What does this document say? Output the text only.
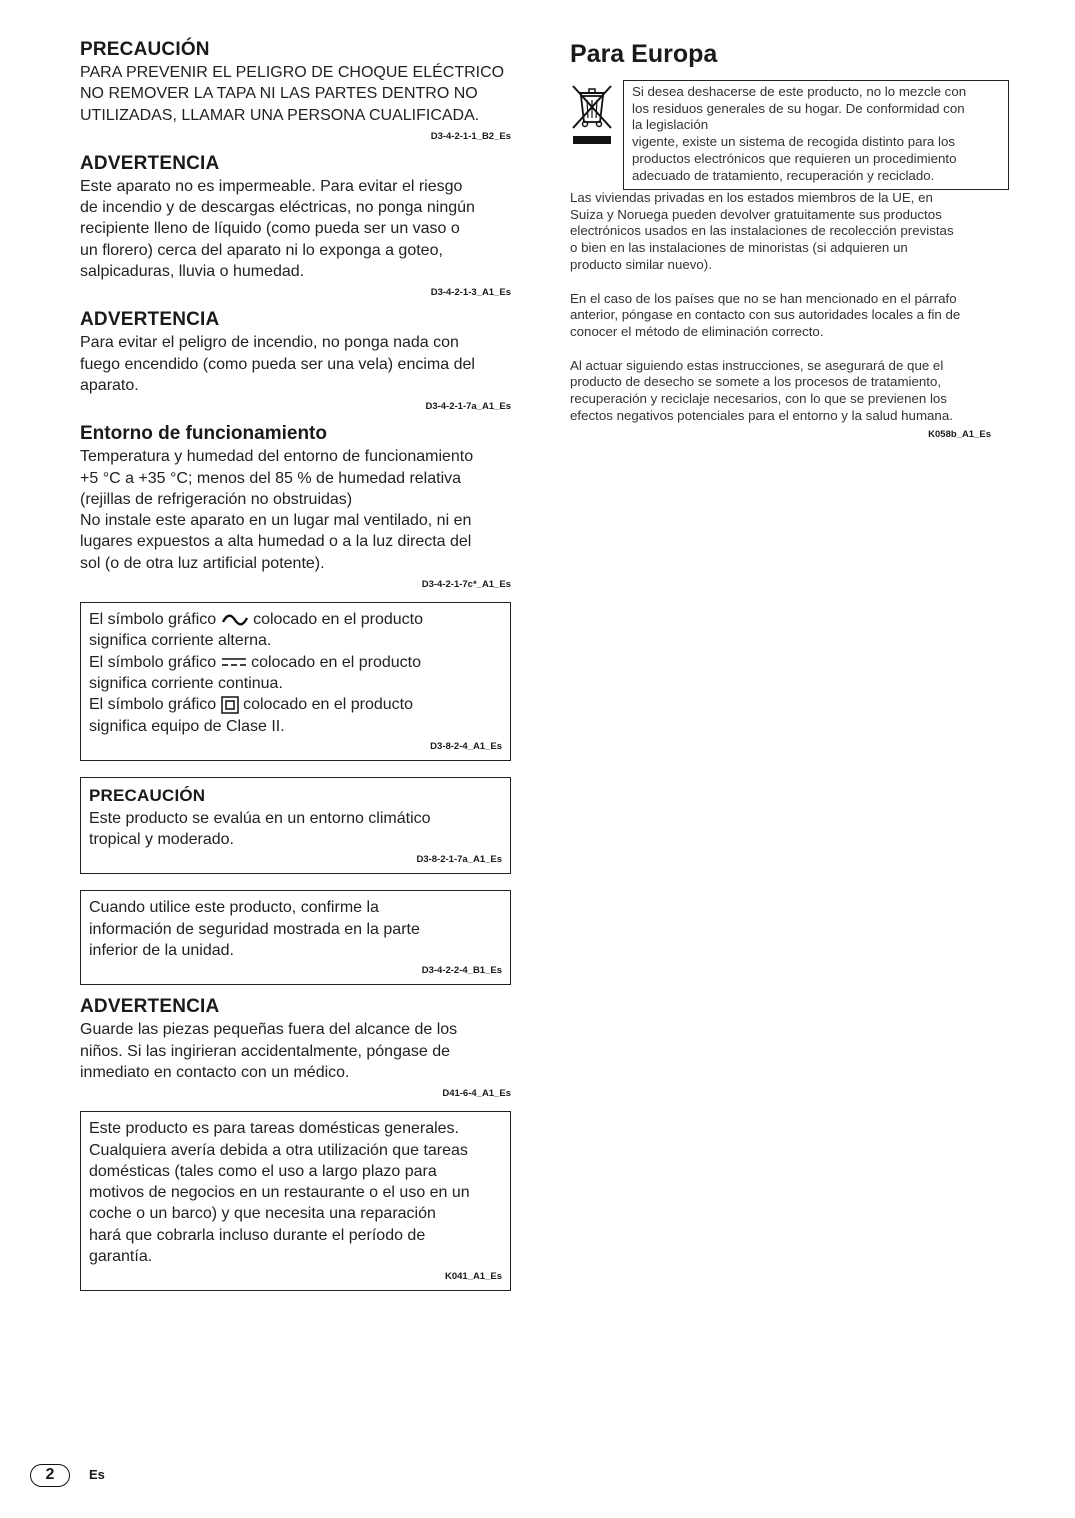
PRECAUCIÓN

PARA PREVENIR EL PELIGRO DE CHOQUE ELÉCTRICO

NO REMOVER LA TAPA NI LAS PARTES DENTRO NO

UTILIZADAS, LLAMAR UNA PERSONA CUALIFICADA.

D3-4-2-1-1_B2_Es

ADVERTENCIA

Este aparato no es impermeable. Para evitar el riesgo

de incendio y de descargas eléctricas, no ponga ningún

recipiente lleno de líquido (como pueda ser un vaso o

un florero) cerca del aparato ni lo exponga a goteo,

salpicaduras, lluvia o humedad.

D3-4-2-1-3_A1_Es

ADVERTENCIA

Para evitar el peligro de incendio, no ponga nada con

fuego encendido (como pueda ser una vela) encima del

aparato.

D3-4-2-1-7a_A1_Es

Entorno de funcionamiento

Temperatura y humedad del entorno de funcionamiento

+5 °C a +35 °C; menos del 85 % de humedad relativa

(rejillas de refrigeración no obstruidas)

No instale este aparato en un lugar mal ventilado, ni en

lugares expuestos a alta humedad o a la luz directa del

sol (o de otra luz artificial potente).

D3-4-2-1-7c*_A1_Es

El símbolo gráfico colocado en el producto

significa corriente alterna.

El símbolo gráfico colocado en el producto

significa corriente continua.

El símbolo gráfico colocado en el producto

significa equipo de Clase II.

D3-8-2-4_A1_Es

PRECAUCIÓN

Este producto se evalúa en un entorno climático

tropical y moderado.

D3-8-2-1-7a_A1_Es

Cuando utilice este producto, confirme la

información de seguridad mostrada en la parte

inferior de la unidad.

D3-4-2-2-4_B1_Es

ADVERTENCIA

Guarde las piezas pequeñas fuera del alcance de los

niños. Si las ingirieran accidentalmente, póngase de

inmediato en contacto con un médico.

D41-6-4_A1_Es

Este producto es para tareas domésticas generales.

Cualquiera avería debida a otra utilización que tareas

domésticas (tales como el uso a largo plazo para

motivos de negocios en un restaurante o el uso en un

coche o un barco) y que necesita una reparación

hará que cobrarla incluso durante el período de

garantía.

K041_A1_Es

Para Europa

Si desea deshacerse de este producto, no lo mezcle con

los residuos generales de su hogar. De conformidad con

la legislación

vigente, existe un sistema de recogida distinto para los

productos electrónicos que requieren un procedimiento

adecuado de tratamiento, recuperación y reciclado.

Las viviendas privadas en los estados miembros de la UE, en
Suiza y Noruega pueden devolver gratuitamente sus productos
electrónicos usados en las instalaciones de recolección previstas
o bien en las instalaciones de minoristas (si adquieren un
producto similar nuevo).
En el caso de los países que no se han mencionado en el párrafo
anterior, póngase en contacto con sus autoridades locales a fin de
conocer el método de eliminación correcto.
Al actuar siguiendo estas instrucciones, se asegurará de que el
producto de desecho se somete a los procesos de tratamiento,
recuperación y reciclaje necesarios, con lo que se previenen los
efectos negativos potenciales para el entorno y la salud humana.

K058b_A1_Es

2	Es
